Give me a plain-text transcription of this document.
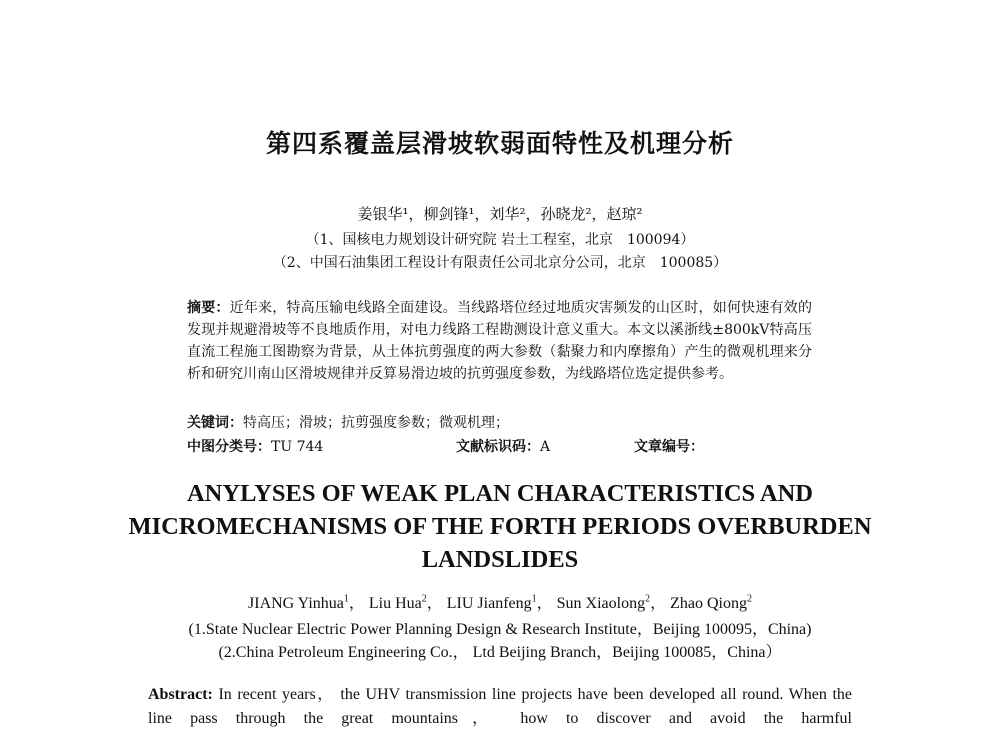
第四系覆盖层滑坡软弱面特性及机理分析
姜银华¹，柳剑锋¹，刘华²，孙晓龙²，赵琼²
（1、国核电力规划设计研究院 岩土工程室，北京　100094）
（2、中国石油集团工程设计有限责任公司北京分公司，北京　100085）
摘要：近年来，特高压输电线路全面建设。当线路塔位经过地质灾害频发的山区时，如何快速有效的发现并规避滑坡等不良地质作用，对电力线路工程勘测设计意义重大。本文以溪浙线±800kV特高压直流工程施工图勘察为背景，从土体抗剪强度的两大参数（黏聚力和内摩擦角）产生的微观机理来分析和研究川南山区滑坡规律并反算易滑边坡的抗剪强度参数，为线路塔位选定提供参考。
关键词：特高压；滑坡；抗剪强度参数；微观机理；
中图分类号：TU 744	文献标识码：A	文章编号：
ANYLYSES OF WEAK PLAN CHARACTERISTICS AND MICROMECHANISMS OF THE FORTH PERIODS OVERBURDEN LANDSLIDES
JIANG Yinhua$^1$， Liu Hua$^2$， LIU Jianfeng$^1$， Sun Xiaolong$^2$， Zhao Qiong$^2$
(1.State Nuclear Electric Power Planning Design & Research Institute，Beijing 100095，China)
(2.China Petroleum Engineering Co.， Ltd Beijing Branch，Beijing 100085，China）
Abstract: In recent years， the UHV transmission line projects have been developed all round. When the line pass through the great mountains， how to discover and avoid the harmful
